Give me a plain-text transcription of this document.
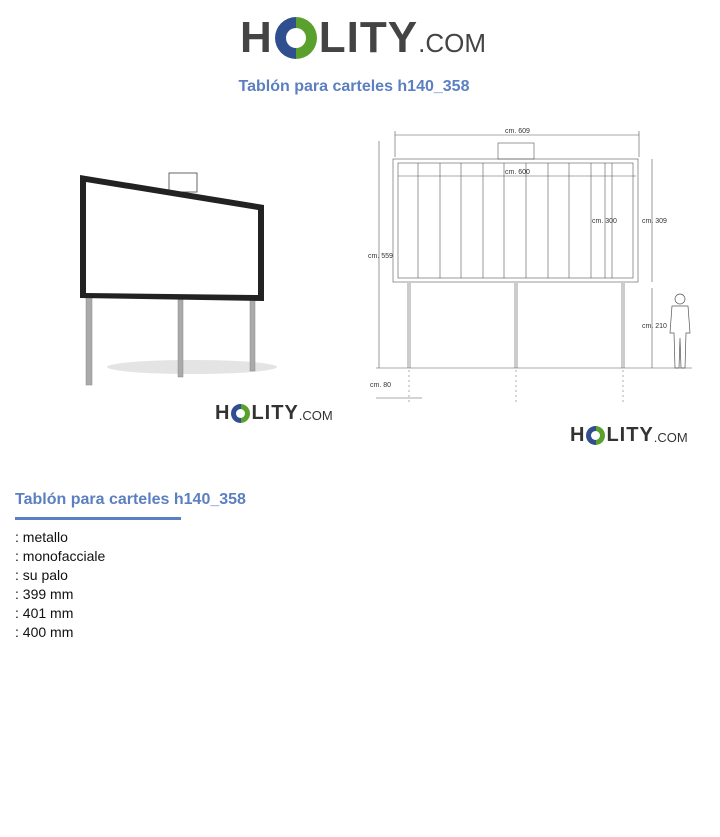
H LITY .COM
Tablón para carteles h140_358
cm. 609
cm. 600
cm. 300	cm. 309
cm. 559
cm. 210
cm. 80
H LITY .COM
H LITY .COM
Tablón para carteles h140_358
: metallo
: monofacciale
: su palo
: 399 mm
: 401 mm
: 400 mm
